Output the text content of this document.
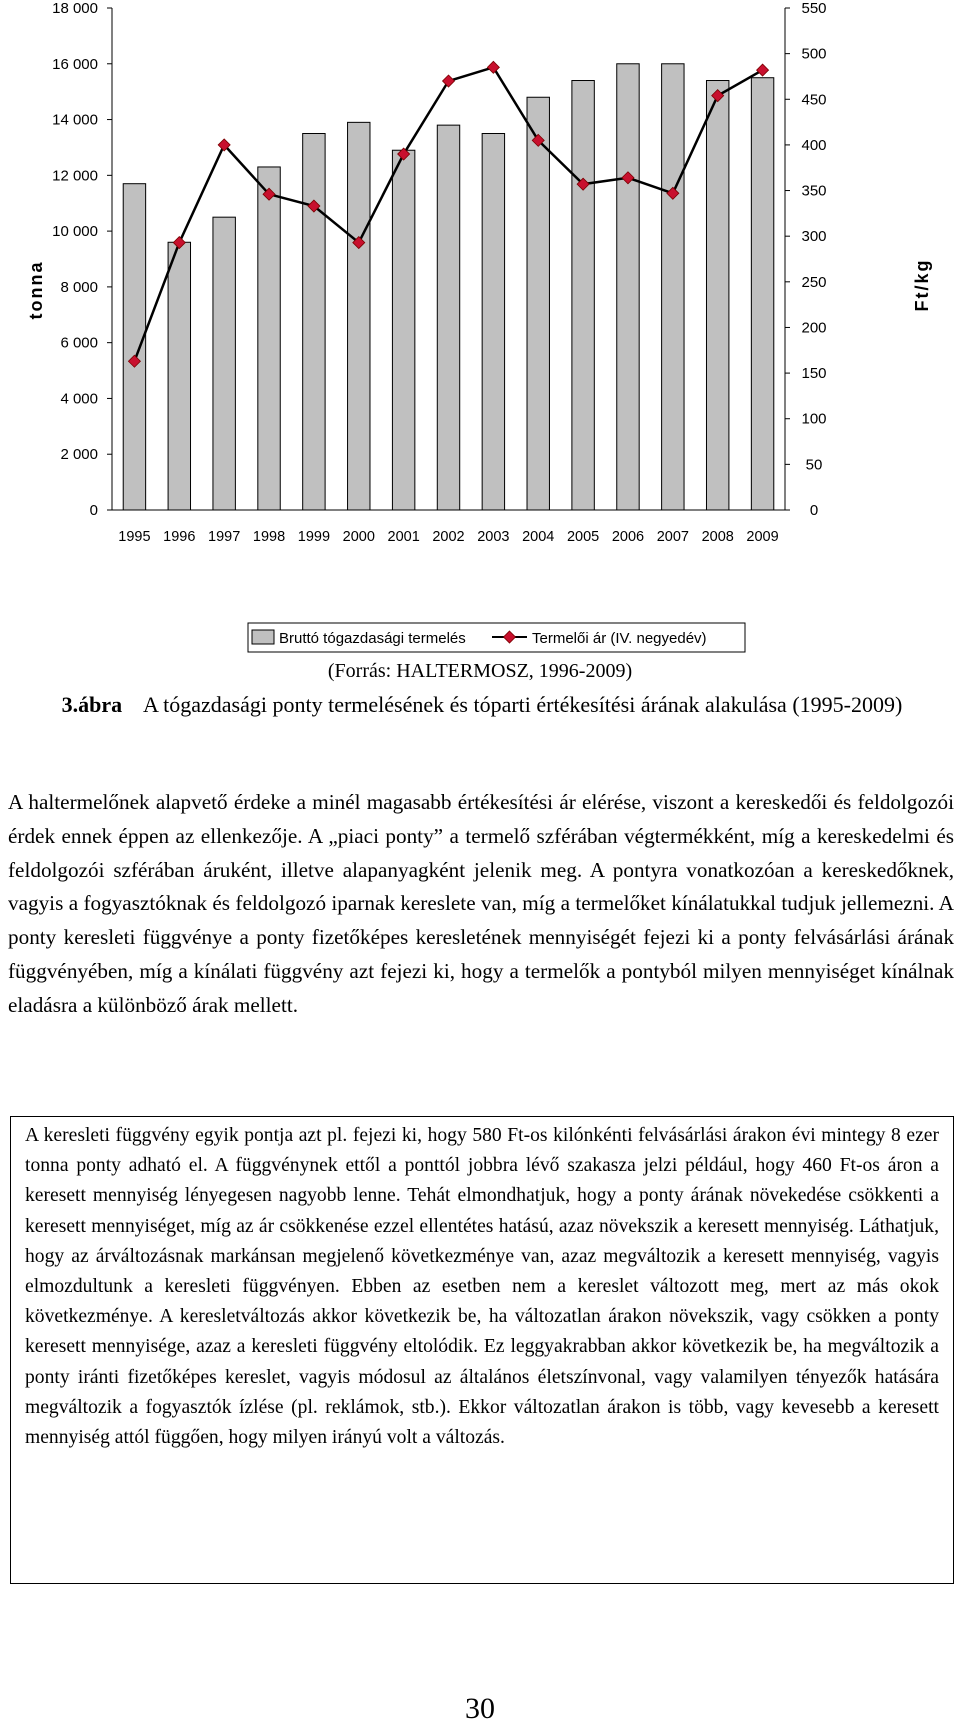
0
2 000
4 000
6 000
8 000
10 000
12 000
14 000
16 000
18 000
0
50
100
150
200
250
300
350
400
450
500
550
1995 1996 1997 1998 1999 2000 2001 2002 2003 2004 2005 2006 2007 2008 2009
tonna	Ft/kg
Bruttó tógazdasági termelés	Termelői ár (IV. negyedév)
(Forrás: HALTERMOSZ, 1996-2009)
3.ábra A tógazdasági ponty termelésének és tóparti értékesítési árának alakulása (1995-2009)
A haltermelőnek alapvető érdeke a minél magasabb értékesítési ár elérése, viszont a kereskedői és feldolgozói érdek ennek éppen az ellenkezője. A „piaci ponty” a termelő szférában végtermékként, míg a kereskedelmi és feldolgozói szférában áruként, illetve alapanyagként jelenik meg. A pontyra vonatkozóan a kereskedőknek, vagyis a fogyasztóknak és feldolgozó iparnak kereslete van, míg a termelőket kínálatukkal tudjuk jellemezni. A ponty keresleti függvénye a ponty fizetőképes keresletének mennyiségét fejezi ki a ponty felvásárlási árának függvényében, míg a kínálati függvény azt fejezi ki, hogy a termelők a pontyból milyen mennyiséget kínálnak eladásra a különböző árak mellett.
A keresleti függvény egyik pontja azt pl. fejezi ki, hogy 580 Ft-os kilónkénti felvásárlási árakon évi mintegy 8 ezer tonna ponty adható el. A függvénynek ettől a ponttól jobbra lévő szakasza jelzi például, hogy 460 Ft-os áron a keresett mennyiség lényegesen nagyobb lenne. Tehát elmondhatjuk, hogy a ponty árának növekedése csökkenti a keresett mennyiséget, míg az ár csökkenése ezzel ellentétes hatású, azaz növekszik a keresett mennyiség. Láthatjuk, hogy az árváltozásnak markánsan megjelenő következménye van, azaz megváltozik a keresett mennyiség, vagyis elmozdultunk a keresleti függvényen. Ebben az esetben nem a kereslet változott meg, mert az más okok következménye. A keresletváltozás akkor következik be, ha változatlan árakon növekszik, vagy csökken a ponty keresett mennyisége, azaz a keresleti függvény eltolódik. Ez leggyakrabban akkor következik be, ha megváltozik a ponty iránti fizetőképes kereslet, vagyis módosul az általános életszínvonal, vagy valamilyen tényezők hatására megváltozik a fogyasztók ízlése (pl. reklámok, stb.). Ekkor változatlan árakon is több, vagy kevesebb a keresett mennyiség attól függően, hogy milyen irányú volt a változás.
30
